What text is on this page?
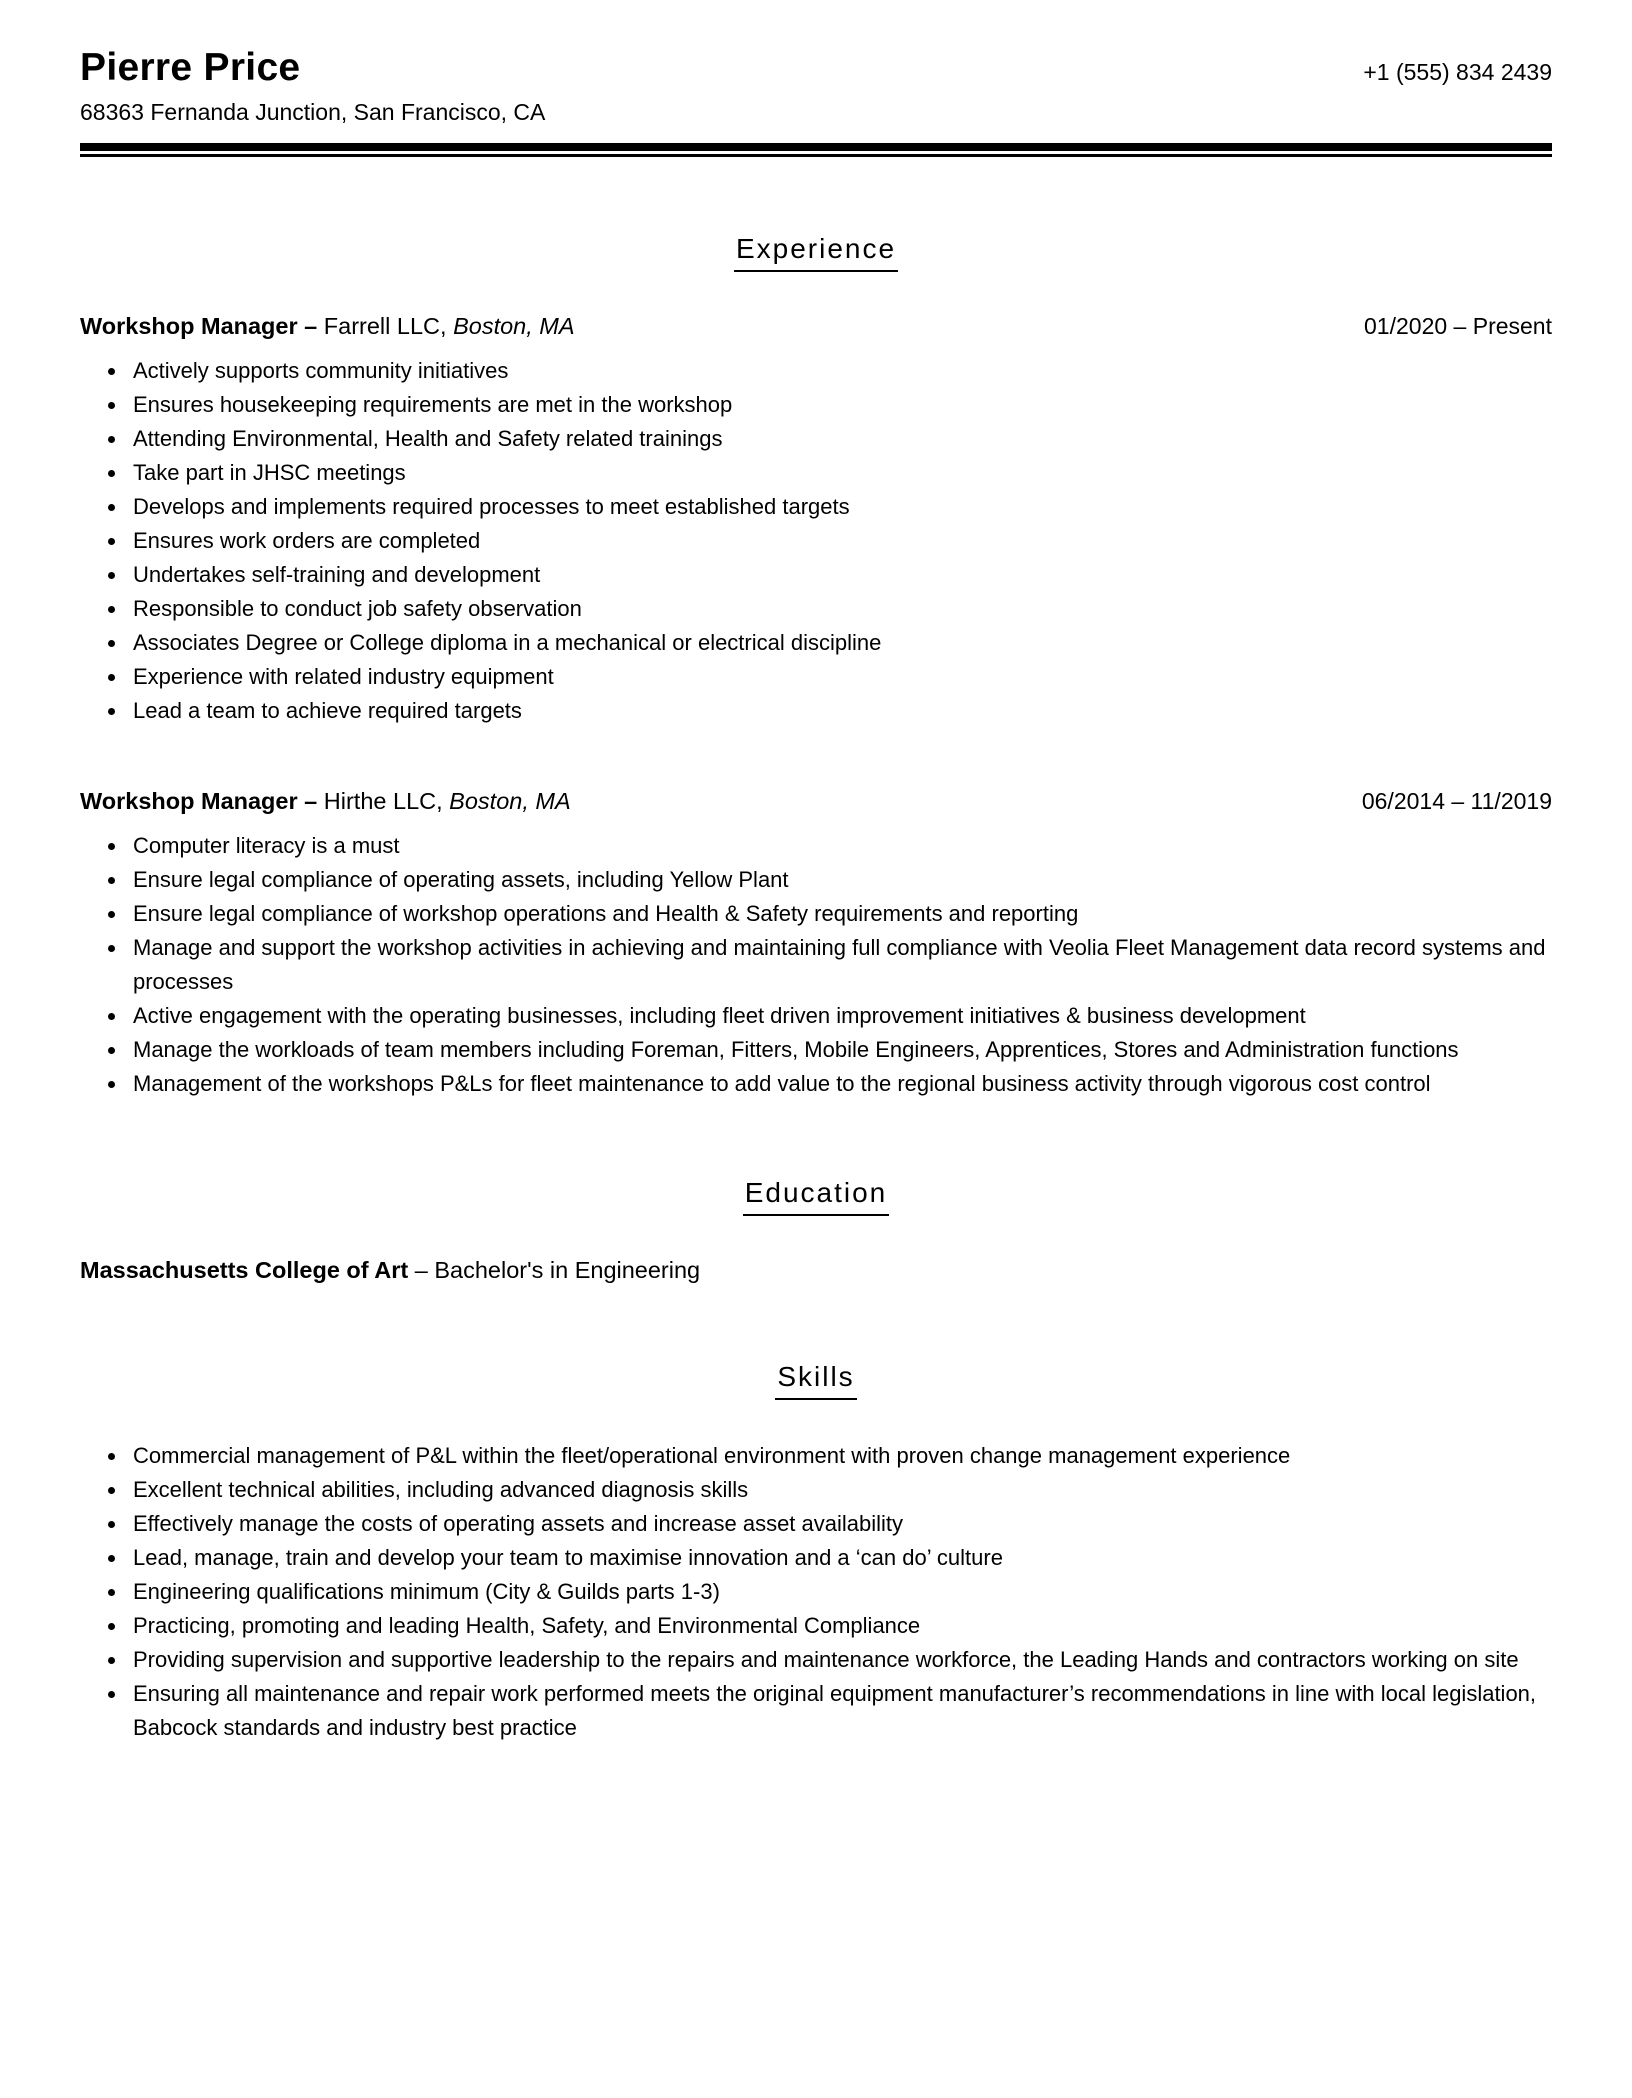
Pierre Price	+1 (555) 834 2439
68363 Fernanda Junction, San Francisco, CA
Experience
Workshop Manager – Farrell LLC, Boston, MA	01/2020 – Present
• Actively supports community initiatives
• Ensures housekeeping requirements are met in the workshop
• Attending Environmental, Health and Safety related trainings
• Take part in JHSC meetings
• Develops and implements required processes to meet established targets
• Ensures work orders are completed
• Undertakes self-training and development
• Responsible to conduct job safety observation
• Associates Degree or College diploma in a mechanical or electrical discipline
• Experience with related industry equipment
• Lead a team to achieve required targets
Workshop Manager – Hirthe LLC, Boston, MA	06/2014 – 11/2019
• Computer literacy is a must
• Ensure legal compliance of operating assets, including Yellow Plant
• Ensure legal compliance of workshop operations and Health & Safety requirements and reporting
• Manage and support the workshop activities in achieving and maintaining full compliance with Veolia Fleet Management data record systems and processes
• Active engagement with the operating businesses, including fleet driven improvement initiatives & business development
• Manage the workloads of team members including Foreman, Fitters, Mobile Engineers, Apprentices, Stores and Administration functions
• Management of the workshops P&Ls for fleet maintenance to add value to the regional business activity through vigorous cost control
Education
Massachusetts College of Art – Bachelor's in Engineering
Skills
• Commercial management of P&L within the fleet/operational environment with proven change management experience
• Excellent technical abilities, including advanced diagnosis skills
• Effectively manage the costs of operating assets and increase asset availability
• Lead, manage, train and develop your team to maximise innovation and a ‘can do’ culture
• Engineering qualifications minimum (City & Guilds parts 1-3)
• Practicing, promoting and leading Health, Safety, and Environmental Compliance
• Providing supervision and supportive leadership to the repairs and maintenance workforce, the Leading Hands and contractors working on site
• Ensuring all maintenance and repair work performed meets the original equipment manufacturer’s recommendations in line with local legislation, Babcock standards and industry best practice
